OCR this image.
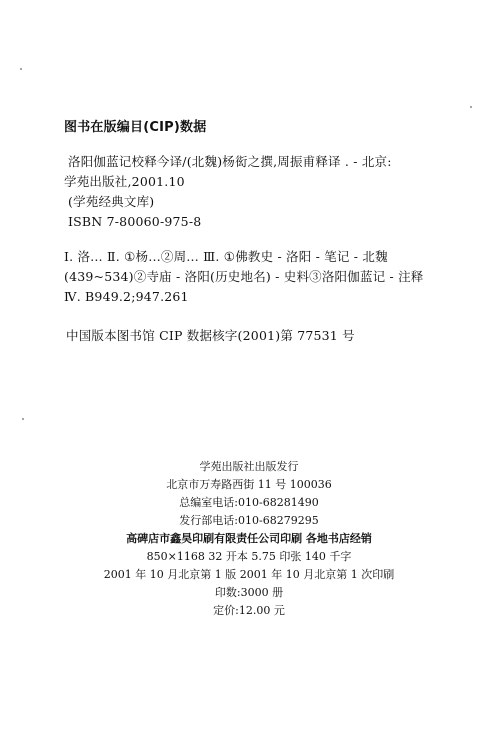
图书在版编目(CIP)数据
洛阳伽蓝记校释今译/(北魏)杨衒之撰,周振甫释译 . - 北京:
学苑出版社,2001.10
(学苑经典文库)
ISBN 7-80060-975-8
Ⅰ. 洛… Ⅱ. ①杨…②周… Ⅲ. ①佛教史 - 洛阳 - 笔记 - 北魏
(439~534)②寺庙 - 洛阳(历史地名) - 史料③洛阳伽蓝记 - 注释
Ⅳ. B949.2;947.261
中国版本图书馆 CIP 数据核字(2001)第 77531 号
学苑出版社出版发行
北京市万寿路西街 11 号 100036
总编室电话:010-68281490
发行部电话:010-68279295
高碑店市鑫昊印刷有限责任公司印刷 各地书店经销
850×1168 32 开本 5.75 印张 140 千字
2001 年 10 月北京第 1 版 2001 年 10 月北京第 1 次印刷
印数:3000 册
定价:12.00 元
